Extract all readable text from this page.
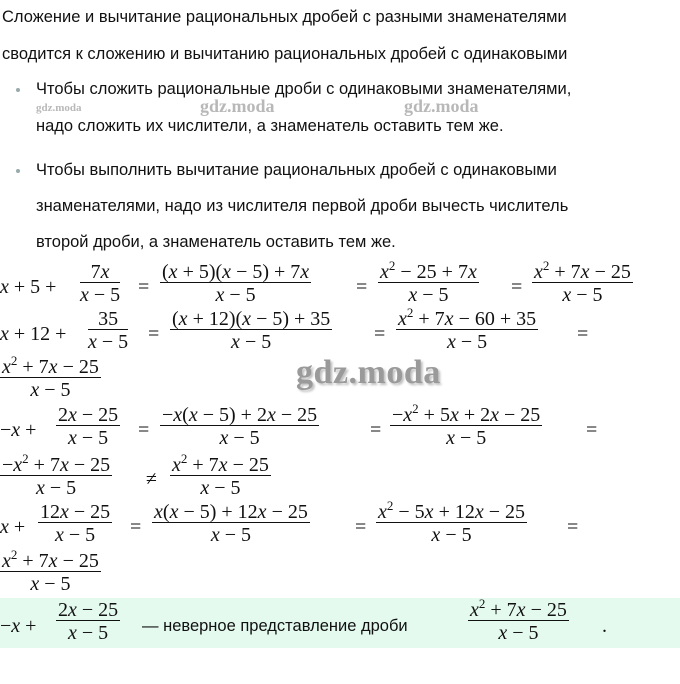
Сложение и вычитание рациональных дробей с разными знаменателями
сводится к сложению и вычитанию рациональных дробей с одинаковыми
Чтобы сложить рациональные дроби с одинаковыми знаменателями,
надо сложить их числители, а знаменатель оставить тем же.
Чтобы выполнить вычитание рациональных дробей с одинаковыми
знаменателями, надо из числителя первой дроби вычесть числитель
второй дроби, а знаменатель оставить тем же.
gdz.moda	gdz.moda	gdz.moda
$x + 5 + \frac{7x}{x - 5} = \frac{(x + 5)(x - 5) + 7x}{x - 5} = \frac{x^2 - 25 + 7x}{x - 5} = \frac{x^2 + 7x - 25}{x - 5}$
$x + 12 + \frac{35}{x - 5} = \frac{(x + 12)(x - 5) + 35}{x - 5} = \frac{x^2 + 7x - 60 + 35}{x - 5}$ =
$\frac{x^2 + 7x - 25}{x - 5}$	gdz.moda
$-x + \frac{2x - 25}{x - 5} = \frac{-x(x - 5) + 2x - 25}{x - 5}$	= $\frac{-x^2 + 5x + 2x - 25}{x - 5}$ =
$\frac{-x^2 + 7x - 25}{x - 5} \ne \frac{x^2 + 7x - 25}{x - 5}$
$x + \frac{12x - 25}{x - 5} = \frac{x(x - 5) + 12x - 25}{x - 5} = \frac{x^2 - 5x + 12x - 25}{x - 5}$ =
$\frac{x^2 + 7x - 25}{x - 5}$
$-x + \frac{2x - 25}{x - 5}$ — неверное представление дроби	$\frac{x^2 + 7x - 25}{x - 5}$ .
